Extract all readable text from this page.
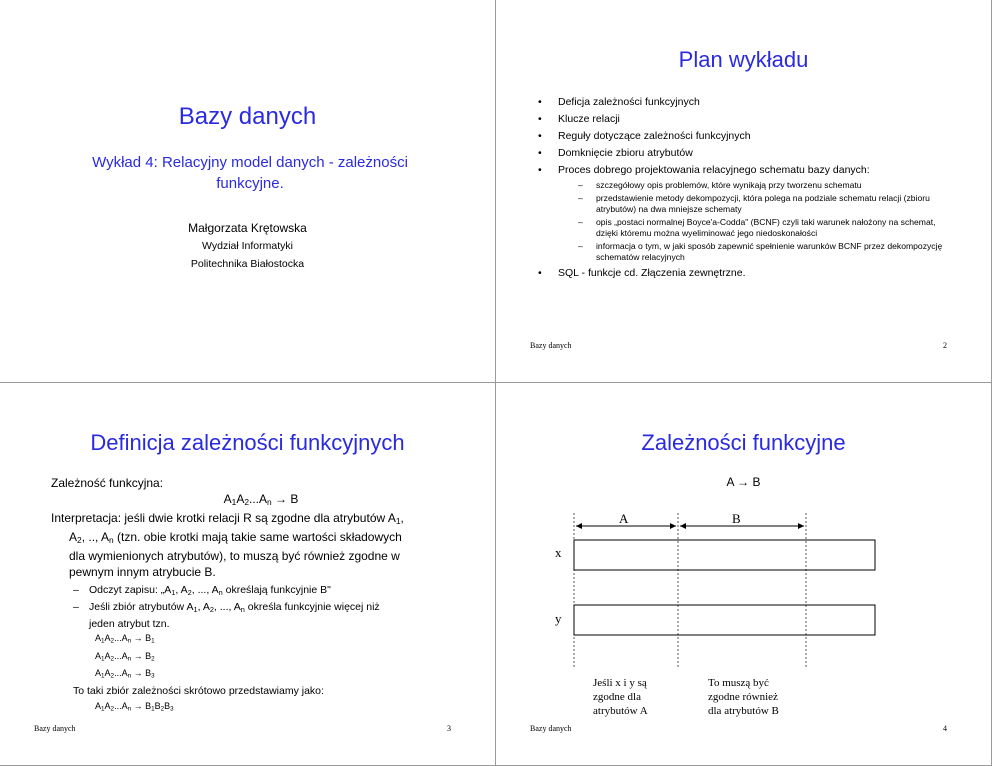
Bazy danych
Wykład 4: Relacyjny model danych - zależności funkcyjne.
Małgorzata Krętowska
Wydział Informatyki
Politechnika Białostocka
Plan wykładu
• Deficja zależności funkcyjnych
• Klucze relacji
• Reguły dotyczące zależności funkcyjnych
• Domknięcie zbioru atrybutów
• Proces dobrego projektowania relacyjnego schematu bazy danych:
– szczegółowy opis problemów, które wynikają przy tworzenu schematu
– przedstawienie metody dekompozycji, która polega na podziale schematu relacji (zbioru atrybutów) na dwa mniejsze schematy
– opis „postaci normalnej Boyce'a-Codda" (BCNF) czyli taki warunek nałożony na schemat, dzięki któremu można wyeliminować jego niedoskonałości
– informacja o tym, w jaki sposób zapewnić spełnienie warunków BCNF przez dekompozycję schematów relacyjnych
• SQL - funkcje cd. Złączenia zewnętrzne.
Bazy danych	2
Definicja zależności funkcyjnych
Zależność funkcyjna:
$A_1A_2...A_n \to B$
Interpretacja: jeśli dwie krotki relacji R są zgodne dla atrybutów $A_1$,
$A_2$, .., $A_n$ (tzn. obie krotki mają takie same wartości składowych
dla wymienionych atrybutów), to muszą być również zgodne w
pewnym innym atrybucie B.
– Odczyt zapisu: $„A_1$, $A_2$, ..., $A_n$ określają funkcyjnie B"
– Jeśli zbiór atrybutów $A_1$, $A_2$, ..., $A_n$ określa funkcyjnie więcej niż
jeden atrybut tzn.
$A_1A_2...A_n \to B_1$
$A_1A_2...A_n \to B_2$
$A_1A_2...A_n \to B_3$
To taki zbiór zależności skrótowo przedstawiamy jako:
$A_1A_2...A_n \to B_1B_2B_3$
Bazy danych	3
Zależności funkcyjne
A → B
A	B
x
y
Jeśli x i y są
zgodne dla
atrybutów A
To muszą być
zgodne również
dla atrybutów B
Bazy danych	4
